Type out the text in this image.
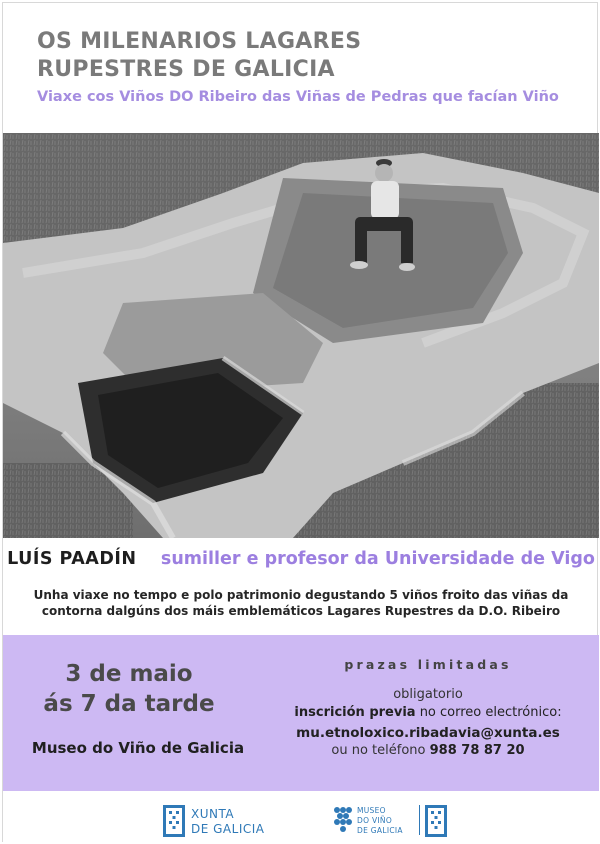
OS MILENARIOS LAGARES
RUPESTRES DE GALICIA
Viaxe cos Viños DO Ribeiro das Viñas de Pedras que facían Viño
LUÍS PAADÍN sumiller e profesor da Universidade de Vigo
Unha viaxe no tempo e polo patrimonio degustando 5 viños froito das viñas da
contorna dalgúns dos máis emblemáticos Lagares Rupestres da D.O. Ribeiro
3 de maio
ás 7 da tarde
Museo do Viño de Galicia
prazas limitadas
obligatorio
inscrición previa no correo electrónico:
mu.etnoloxico.ribadavia@xunta.es
ou no teléfono 988 78 87 20
XUNTA
DE GALICIA
MUSEO
DO VIÑO
DE GALICIA
